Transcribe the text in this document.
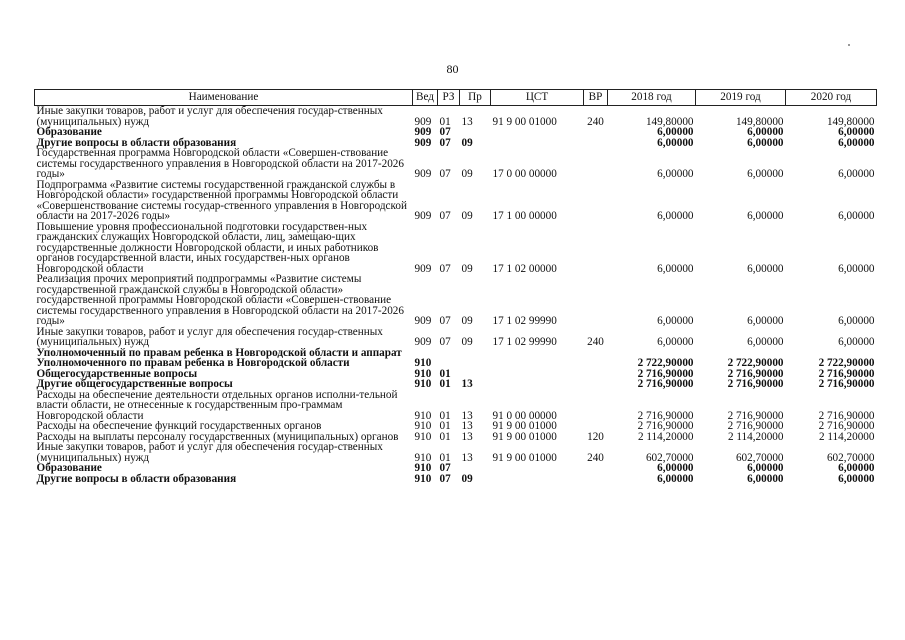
80
Наименование	Вед	РЗ	Пр	ЦСТ	ВР	2018 год	2019 год	2020 год
Иные закупки товаров, работ и услуг для обеспечения государ-ственных (муниципальных) нужд	909	01	13	91 9 00 01000	240	149,80000	149,80000	149,80000
Образование	909	07				6,00000	6,00000	6,00000
Другие вопросы в области образования	909	07	09			6,00000	6,00000	6,00000
Государственная программа Новгородской области «Совершен-ствование системы государственного управления в Новгородской области на 2017-2026 годы»	909	07	09	17 0 00 00000		6,00000	6,00000	6,00000
Подпрограмма «Развитие системы государственной гражданской службы в Новгородской области» государственной программы Новгородской области «Совершенствование системы государ-ственного управления в Новгородской области на 2017-2026 годы»	909	07	09	17 1 00 00000		6,00000	6,00000	6,00000
Повышение уровня профессиональной подготовки государствен-ных гражданских служащих Новгородской области, лиц, замещаю-щих государственные должности Новгородской области, и иных работников органов государственной власти, иных государствен-ных органов Новгородской области	909	07	09	17 1 02 00000		6,00000	6,00000	6,00000
Реализация прочих мероприятий подпрограммы «Развитие системы государственной гражданской службы в Новгородской области» государственной программы Новгородской области «Совершен-ствование системы государственного управления в Новгородской области на 2017-2026 годы»	909	07	09	17 1 02 99990		6,00000	6,00000	6,00000
Иные закупки товаров, работ и услуг для обеспечения государ-ственных (муниципальных) нужд	909	07	09	17 1 02 99990	240	6,00000	6,00000	6,00000
Уполномоченный по правам ребенка в Новгородской области и аппарат Уполномоченного по правам ребенка в Новгородской области	910					2 722,90000	2 722,90000	2 722,90000
Общегосударственные вопросы	910	01				2 716,90000	2 716,90000	2 716,90000
Другие общегосударственные вопросы	910	01	13			2 716,90000	2 716,90000	2 716,90000
Расходы на обеспечение деятельности отдельных органов исполни-тельной власти области, не отнесенные к государственным про-граммам Новгородской области	910	01	13	91 0 00 00000		2 716,90000	2 716,90000	2 716,90000
Расходы на обеспечение функций государственных органов	910	01	13	91 9 00 01000		2 716,90000	2 716,90000	2 716,90000
Расходы на выплаты персоналу государственных (муниципальных) органов	910	01	13	91 9 00 01000	120	2 114,20000	2 114,20000	2 114,20000
Иные закупки товаров, работ и услуг для обеспечения государ-ственных (муниципальных) нужд	910	01	13	91 9 00 01000	240	602,70000	602,70000	602,70000
Образование	910	07				6,00000	6,00000	6,00000
Другие вопросы в области образования	910	07	09			6,00000	6,00000	6,00000
